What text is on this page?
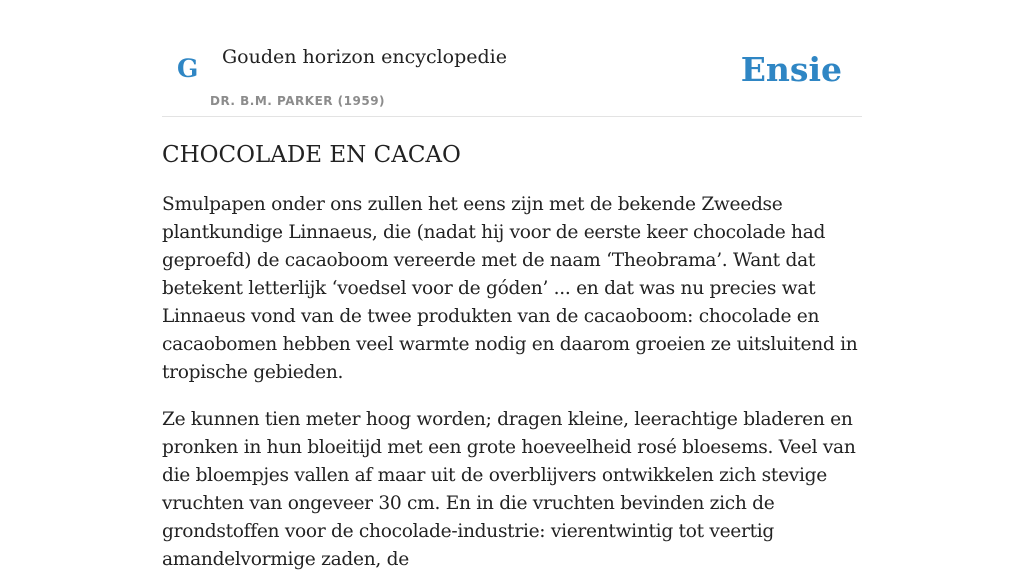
G Gouden horizon encyclopedie
DR. B.M. PARKER (1959)
Ensie
CHOCOLADE EN CACAO

Smulpapen onder ons zullen het eens zijn met de bekende Zweedse plantkundige Linnaeus, die (nadat hij voor de eerste keer chocolade had geproefd) de cacaoboom vereerde met de naam ‘Theobrama’. Want dat betekent letterlijk ‘voedsel voor de góden’ ... en dat was nu precies wat Linnaeus vond van de twee produkten van de cacaoboom: chocolade en cacaobomen hebben veel warmte nodig en daarom groeien ze uitsluitend in tropische gebieden.

Ze kunnen tien meter hoog worden; dragen kleine, leerachtige bladeren en pronken in hun bloeitijd met een grote hoeveelheid rosé bloesems. Veel van die bloempjes vallen af maar uit de overblijvers ontwikkelen zich stevige vruchten van ongeveer 30 cm. En in die vruchten bevinden zich de grondstoffen voor de chocolade-industrie: vierentwintig tot veertig amandelvormige zaden, de
